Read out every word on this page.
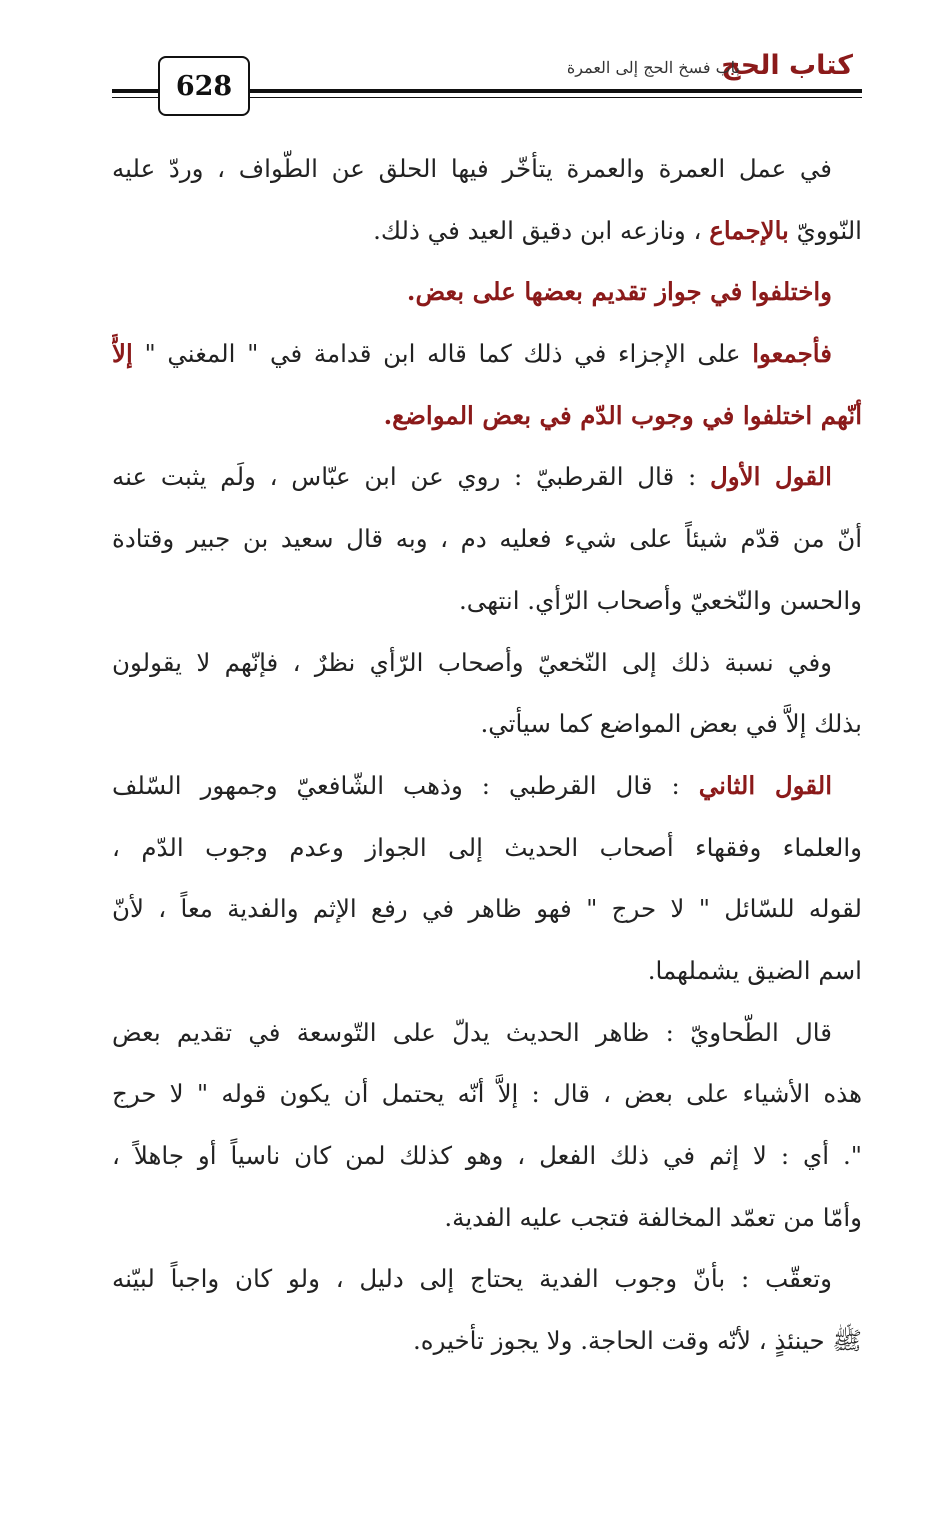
كتاب الحج
باب فسخ الحج إلى العمرة
628
في عمل العمرة والعمرة يتأخّر فيها الحلق عن الطّواف ، وردّ عليه
النّوويّ بالإجماع ، ونازعه ابن دقيق العيد في ذلك.
واختلفوا في جواز تقديم بعضها على بعض.
فأجمعوا على الإجزاء في ذلك كما قاله ابن قدامة في " المغني " إلاَّ
أنّهم اختلفوا في وجوب الدّم في بعض المواضع.
القول الأول : قال القرطبيّ : روي عن ابن عبّاس ، ولَم يثبت عنه
أنّ من قدّم شيئاً على شيء فعليه دم ، وبه قال سعيد بن جبير وقتادة
والحسن والنّخعيّ وأصحاب الرّأي. انتهى.
وفي نسبة ذلك إلى النّخعيّ وأصحاب الرّأي نظرٌ ، فإنّهم لا يقولون
بذلك إلاَّ في بعض المواضع كما سيأتي.
القول الثاني : قال القرطبي : وذهب الشّافعيّ وجمهور السّلف
والعلماء وفقهاء أصحاب الحديث إلى الجواز وعدم وجوب الدّم ،
لقوله للسّائل " لا حرج " فهو ظاهر في رفع الإثم والفدية معاً ، لأنّ
اسم الضيق يشملهما.
قال الطّحاويّ : ظاهر الحديث يدلّ على التّوسعة في تقديم بعض
هذه الأشياء على بعض ، قال : إلاَّ أنّه يحتمل أن يكون قوله " لا حرج
". أي : لا إثم في ذلك الفعل ، وهو كذلك لمن كان ناسياً أو جاهلاً ،
وأمّا من تعمّد المخالفة فتجب عليه الفدية.
وتعقّب : بأنّ وجوب الفدية يحتاج إلى دليل ، ولو كان واجباً لبيّنه
ﷺ حينئذٍ ، لأنّه وقت الحاجة. ولا يجوز تأخيره.
